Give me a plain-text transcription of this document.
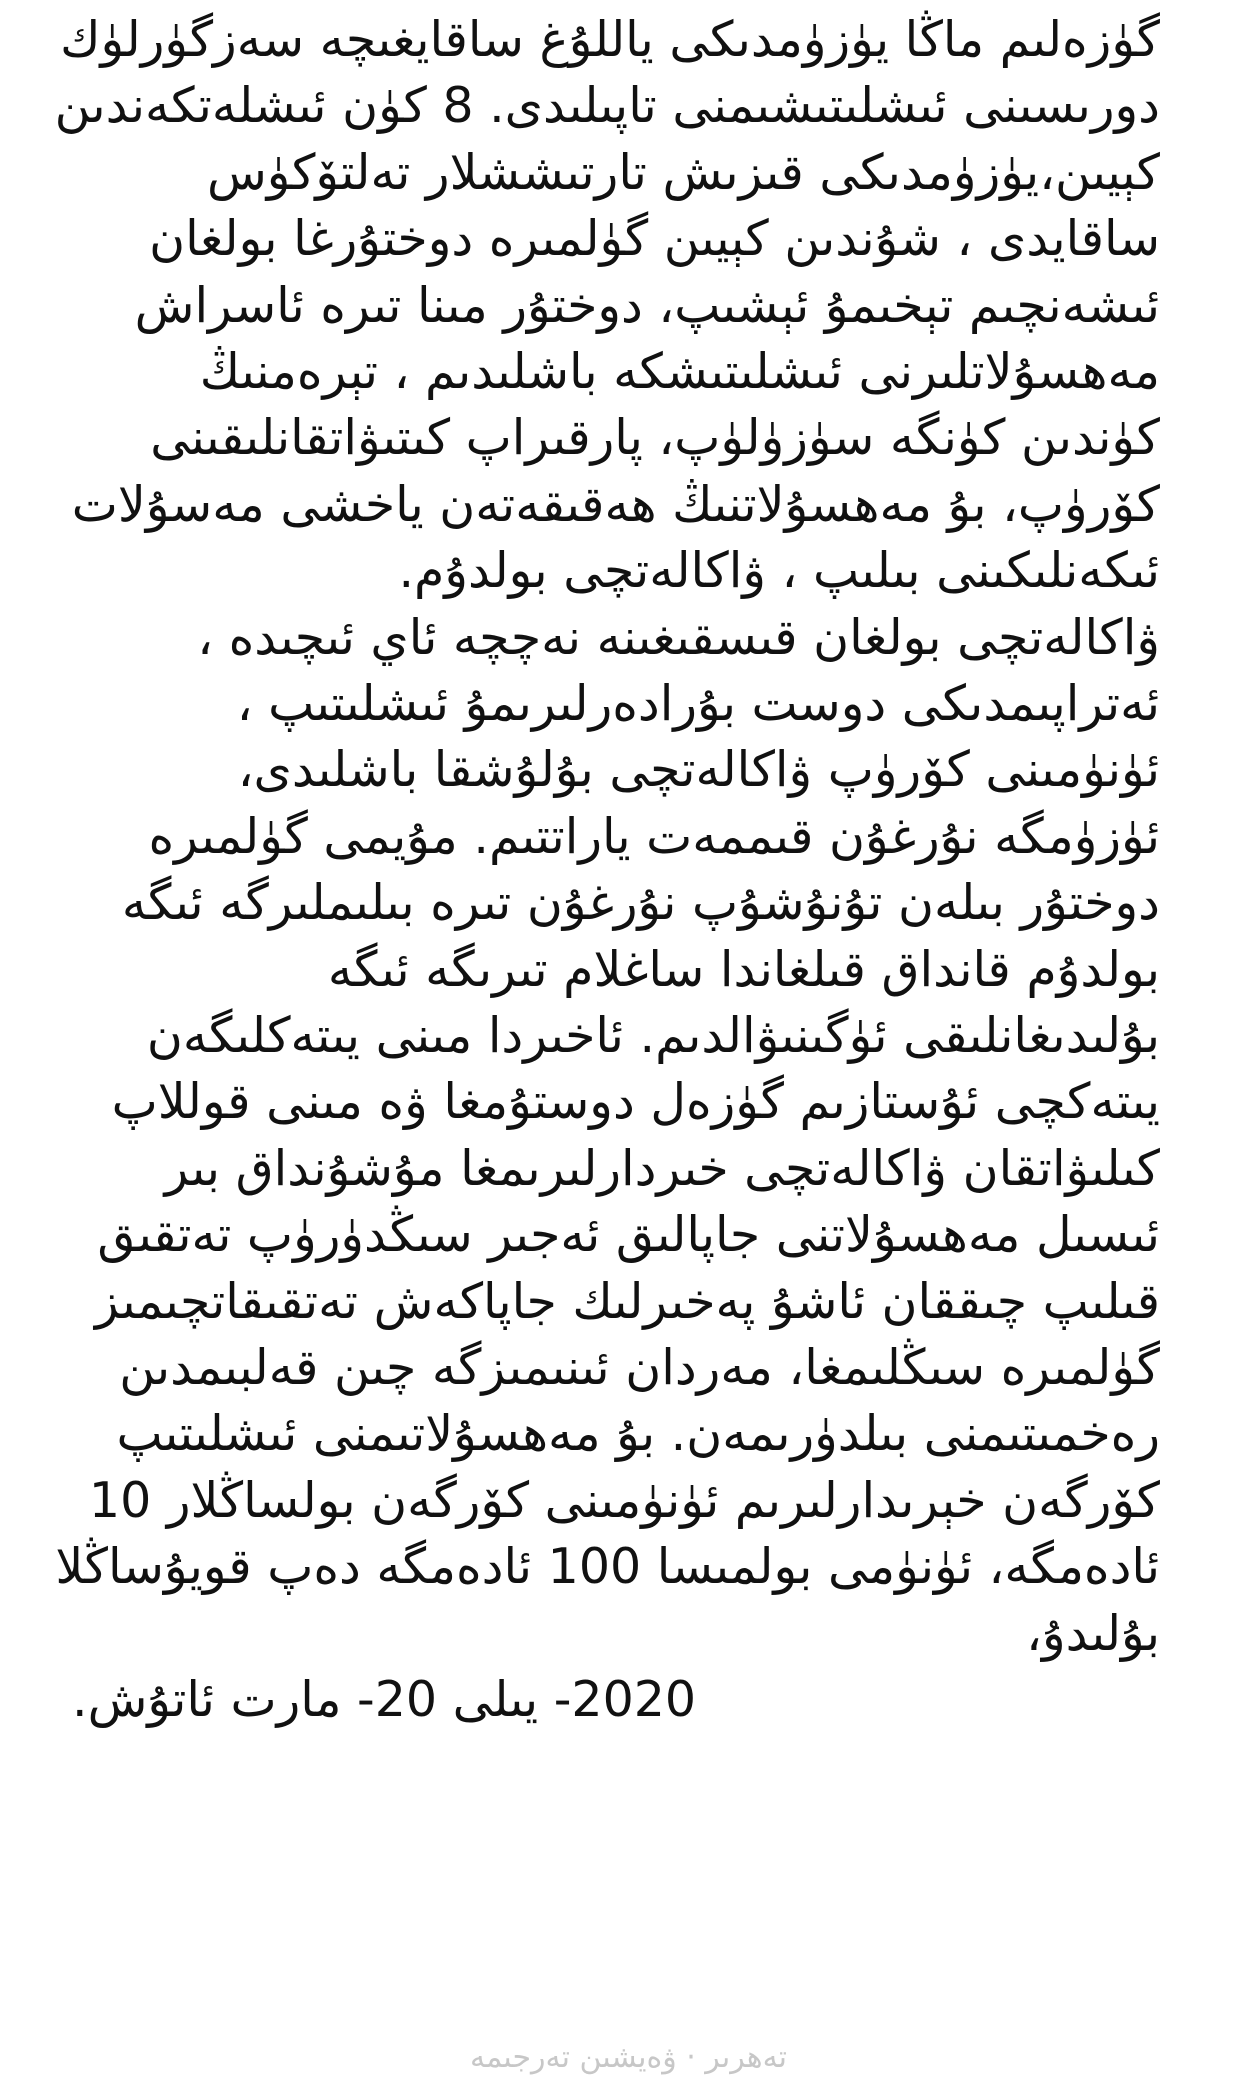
گۈزەلىم ماڭا يۈزۈمدىكى ياللۇغ ساقايغىچە سەزگۈرلۈك
دورىسىنى ئىشلىتىشىمنى تاپىلىدى. 8 كۈن ئىشلەتكەندىن
كېيىن،يۈزۈمدىكى قىزىش تارتىششلار تەلتۆكۈس
ساقايدى ، شۇندىن كېيىن گۈلمىرە دوختۇرغا بولغان
ئىشەنچىم تېخىمۇ ئېشىپ، دوختۇر مىنا تىرە ئاسراش
مەھسۇلاتلىرنى ئىشلىتىشكە باشلىدىم ، تېرەمنىڭ
كۈندىن كۈنگە سۈزۈلۈپ، پارقىراپ كىتىۋاتقانلىقىنى
كۆرۈپ، بۇ مەھسۇلاتنىڭ ھەقىقەتەن ياخشى مەسۇلات
ئىكەنلىكىنى بىلىپ ، ۋاكالەتچى بولدۇم.
ۋاكالەتچى بولغان قىسقىغىنە نەچچە ئاي ئىچىدە ،
ئەتراپىمدىكى دوست بۇرادەرلىرىمۇ ئىشلىتىپ ،
ئۈنۈمىنى كۆرۈپ ۋاكالەتچى بۇلۇشقا باشلىدى،
ئۈزۈمگە نۇرغۇن قىممەت ياراتتىم. مۇيمى گۈلمىرە
دوختۇر بىلەن تۇنۇشۇپ نۇرغۇن تىرە بىلىملىرگە ئىگە
بولدۇم قانداق قىلغاندا ساغلام تىرىگە ئىگە
بۇلىدىغانلىقى ئۈگىنىۋالدىم. ئاخىردا مىنى يىتەكلىگەن
يىتەكچى ئۇستازىم گۈزەل دوستۇمغا ۋە مىنى قوللاپ
كىلىۋاتقان ۋاكالەتچى خىردارلىرىمغا مۇشۇنداق بىر
ئىسىل مەھسۇلاتنى جاپالىق ئەجىر سىڭدۈرۈپ تەتقىق
قىلىپ چىققان ئاشۇ پەخىرلىك جاپاكەش تەتقىقاتچىمىز
گۈلمىرە سىڭلىمغا، مەردان ئىنىمىزگە چىن قەلبىمدىن
رەخمىتىمنى بىلدۈرىمەن. بۇ مەھسۇلاتىمنى ئىشلىتىپ
كۆرگەن خېرىدارلىرىم ئۈنۈمىنى كۆرگەن بولساڭلار 10
ئادەمگە، ئۈنۈمى بولمىسا 100 ئادەمگە دەپ قويۇساڭلا
بۇلىدۇ،
2020- يىلى 20- مارت ئاتۇش.
تەھرىر · ۋەيشىن تەرجىمە
